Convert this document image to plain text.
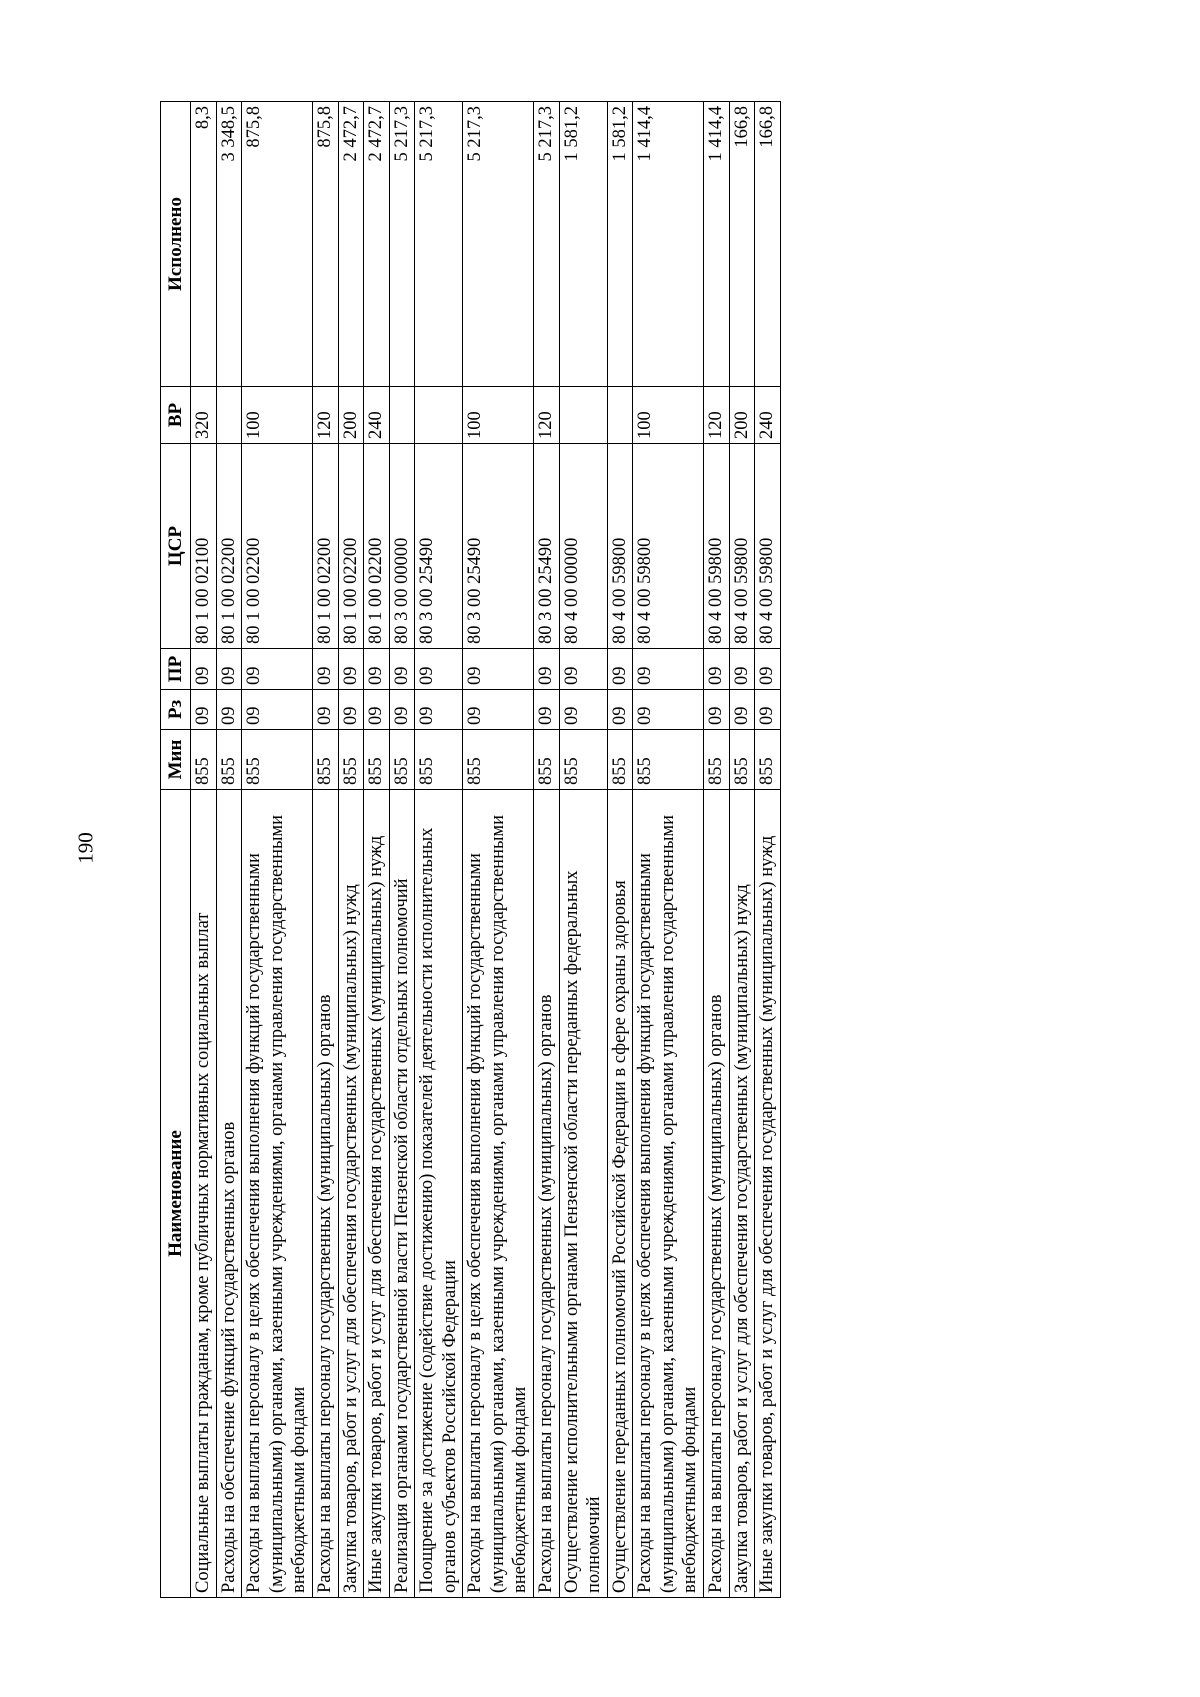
190
Наименование	Мин	Рз	ПР	ЦСР	ВР	Исполнено
Социальные выплаты гражданам, кроме публичных нормативных социальных выплат	855	09	09	80 1 00 02100	320	8,3
Расходы на обеспечение функций государственных органов	855	09	09	80 1 00 02200		3 348,5
Расходы на выплаты персоналу в целях обеспечения выполнения функций государственными (муниципальными) органами, казенными учреждениями, органами управления государственными внебюджетными фондами	855	09	09	80 1 00 02200	100	875,8
Расходы на выплаты персоналу государственных (муниципальных) органов	855	09	09	80 1 00 02200	120	875,8
Закупка товаров, работ и услуг для обеспечения государственных (муниципальных) нужд	855	09	09	80 1 00 02200	200	2 472,7
Иные закупки товаров, работ и услуг для обеспечения государственных (муниципальных) нужд	855	09	09	80 1 00 02200	240	2 472,7
Реализация органами государственной власти Пензенской области отдельных полномочий	855	09	09	80 3 00 00000		5 217,3
Поощрение за достижение (содействие достижению) показателей деятельности исполнительных органов субъектов Российской Федерации	855	09	09	80 3 00 25490		5 217,3
Расходы на выплаты персоналу в целях обеспечения выполнения функций государственными (муниципальными) органами, казенными учреждениями, органами управления государственными внебюджетными фондами	855	09	09	80 3 00 25490	100	5 217,3
Расходы на выплаты персоналу государственных (муниципальных) органов	855	09	09	80 3 00 25490	120	5 217,3
Осуществление исполнительными органами Пензенской области переданных федеральных полномочий	855	09	09	80 4 00 00000		1 581,2
Осуществление переданных полномочий Российской Федерации в сфере охраны здоровья	855	09	09	80 4 00 59800		1 581,2
Расходы на выплаты персоналу в целях обеспечения выполнения функций государственными (муниципальными) органами, казенными учреждениями, органами управления государственными внебюджетными фондами	855	09	09	80 4 00 59800	100	1 414,4
Расходы на выплаты персоналу государственных (муниципальных) органов	855	09	09	80 4 00 59800	120	1 414,4
Закупка товаров, работ и услуг для обеспечения государственных (муниципальных) нужд	855	09	09	80 4 00 59800	200	166,8
Иные закупки товаров, работ и услуг для обеспечения государственных (муниципальных) нужд	855	09	09	80 4 00 59800	240	166,8
